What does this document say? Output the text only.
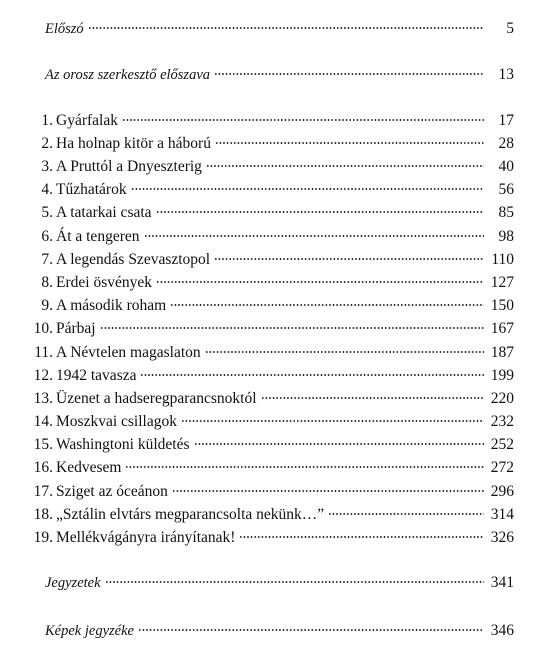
Előszó	5
Az orosz szerkesztő előszava	13
1. Gyárfalak	17
2. Ha holnap kitör a háború	28
3. A Pruttól a Dnyeszterig	40
4. Tűzhatárok	56
5. A tatarkai csata	85
6. Át a tengeren	98
7. A legendás Szevasztopol	110
8. Erdei ösvények	127
9. A második roham	150
10. Párbaj	167
11. A Névtelen magaslaton	187
12. 1942 tavasza	199
13. Üzenet a hadseregparancsnoktól	220
14. Moszkvai csillagok	232
15. Washingtoni küldetés	252
16. Kedvesem	272
17. Sziget az óceánon	296
18. „Sztálin elvtárs megparancsolta nekünk…”	314
19. Mellékvágányra irányítanak!	326
Jegyzetek	341
Képek jegyzéke	346
